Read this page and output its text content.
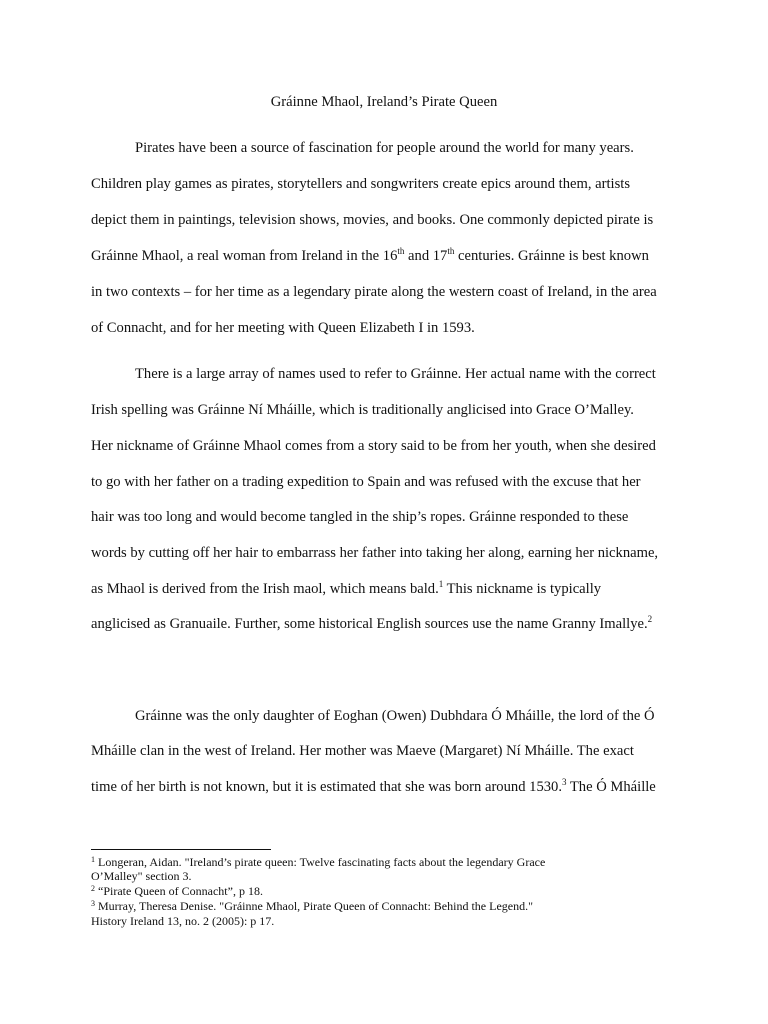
Gráinne Mhaol, Ireland’s Pirate Queen
Pirates have been a source of fascination for people around the world for many years.
Children play games as pirates, storytellers and songwriters create epics around them, artists
depict them in paintings, television shows, movies, and books. One commonly depicted pirate is
Gráinne Mhaol, a real woman from Ireland in the 16th and 17th centuries. Gráinne is best known
in two contexts – for her time as a legendary pirate along the western coast of Ireland, in the area
of Connacht, and for her meeting with Queen Elizabeth I in 1593.
There is a large array of names used to refer to Gráinne. Her actual name with the correct
Irish spelling was Gráinne Ní Mháille, which is traditionally anglicised into Grace O’Malley.
Her nickname of Gráinne Mhaol comes from a story said to be from her youth, when she desired
to go with her father on a trading expedition to Spain and was refused with the excuse that her
hair was too long and would become tangled in the ship’s ropes. Gráinne responded to these
words by cutting off her hair to embarrass her father into taking her along, earning her nickname,
as Mhaol is derived from the Irish maol, which means bald.$^1$ This nickname is typically
anglicised as Granuaile. Further, some historical English sources use the name Granny Imallye.$^2$
Gráinne was the only daughter of Eoghan (Owen) Dubhdara Ó Mháille, the lord of the Ó
Mháille clan in the west of Ireland. Her mother was Maeve (Margaret) Ní Mháille. The exact
time of her birth is not known, but it is estimated that she was born around 1530.$^3$ The Ó Mháille
$^1$ Longeran, Aidan. "Ireland’s pirate queen: Twelve fascinating facts about the legendary Grace
O’Malley" section 3.
$^2$ “Pirate Queen of Connacht”, p 18.
$^3$ Murray, Theresa Denise. "Gráinne Mhaol, Pirate Queen of Connacht: Behind the Legend."
History Ireland 13, no. 2 (2005): p 17.
